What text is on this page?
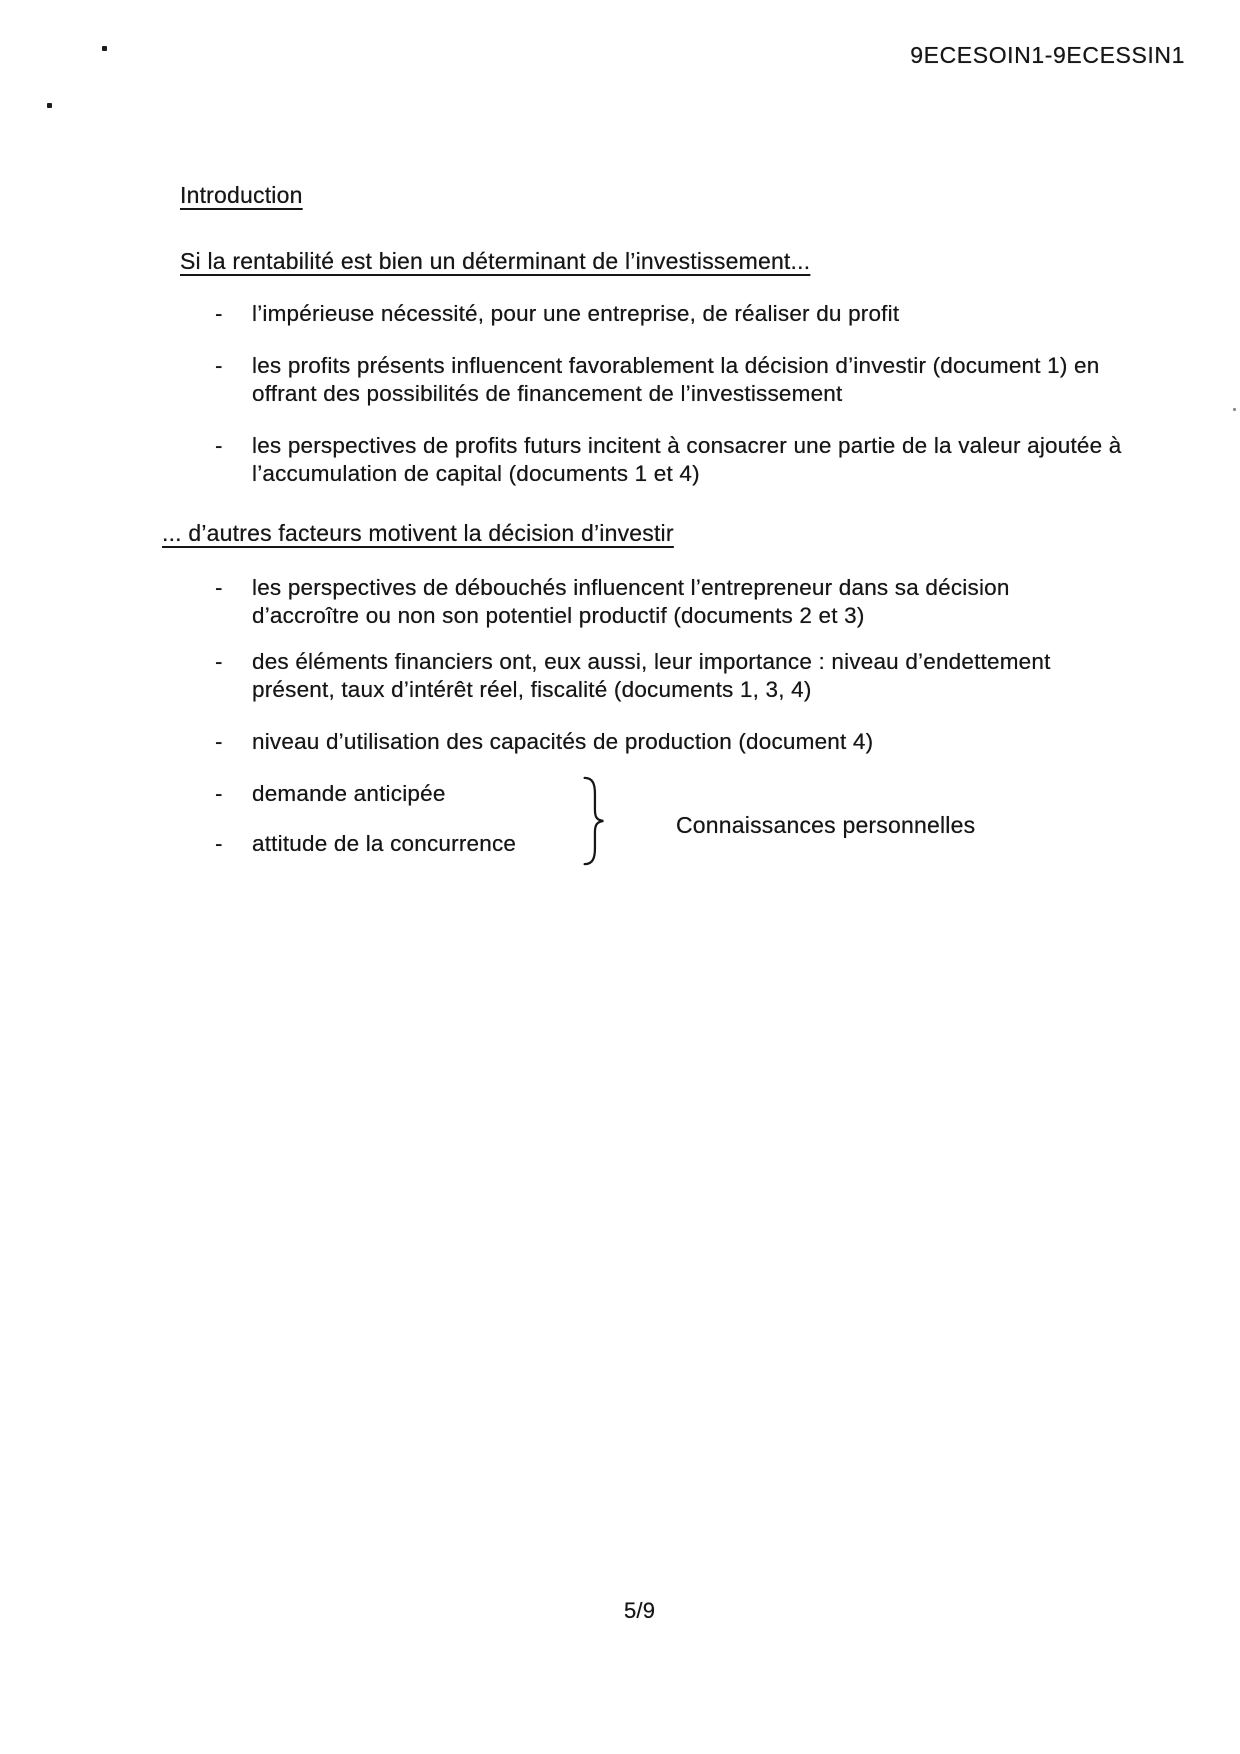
9ECESOIN1-9ECESSIN1
Introduction
Si la rentabilité est bien un déterminant de l’investissement...
-	l’impérieuse nécessité, pour une entreprise, de réaliser du profit
-	les profits présents influencent favorablement la décision d’investir (document 1) en
offrant des possibilités de financement de l’investissement
-	les perspectives de profits futurs incitent à consacrer une partie de la valeur ajoutée à
l’accumulation de capital (documents 1 et 4)
... d’autres facteurs motivent la décision d’investir
-	les perspectives de débouchés influencent l’entrepreneur dans sa décision
d’accroître ou non son potentiel productif (documents 2 et 3)
-	des éléments financiers ont, eux aussi, leur importance : niveau d’endettement
présent, taux d’intérêt réel, fiscalité (documents 1, 3, 4)
-	niveau d’utilisation des capacités de production (document 4)
-	demande anticipée
-	attitude de la concurrence
Connaissances personnelles
5/9
